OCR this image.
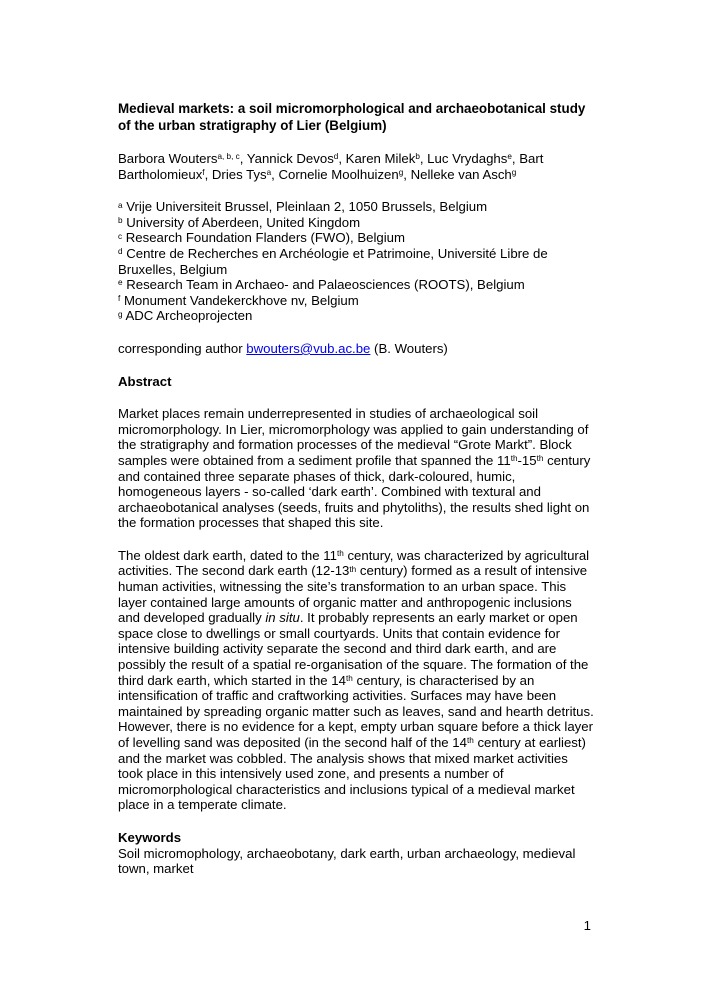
Medieval markets: a soil micromorphological and archaeobotanical study of the urban stratigraphy of Lier (Belgium)

Barbora Wouters$^{a, b, c}$, Yannick Devos$^d$, Karen Milek$^b$, Luc Vrydaghs$^e$, Bart Bartholomieux$^f$, Dries Tys$^a$, Cornelie Moolhuizen$^g$, Nelleke van Asch$^g$

$^a$ Vrije Universiteit Brussel, Pleinlaan 2, 1050 Brussels, Belgium

$^b$ University of Aberdeen, United Kingdom

$^c$ Research Foundation Flanders (FWO), Belgium

$^d$ Centre de Recherches en Archéologie et Patrimoine, Université Libre de Bruxelles, Belgium

$^e$ Research Team in Archaeo- and Palaeosciences (ROOTS), Belgium

$^f$ Monument Vandekerckhove nv, Belgium

$^g$ ADC Archeoprojecten

corresponding author bwouters@vub.ac.be (B. Wouters)

Abstract

Market places remain underrepresented in studies of archaeological soil micromorphology. In Lier, micromorphology was applied to gain understanding of the stratigraphy and formation processes of the medieval “Grote Markt”. Block samples were obtained from a sediment profile that spanned the 11th-15th century and contained three separate phases of thick, dark-coloured, humic, homogeneous layers - so-called ‘dark earth’. Combined with textural and archaeobotanical analyses (seeds, fruits and phytoliths), the results shed light on the formation processes that shaped this site.

The oldest dark earth, dated to the 11th century, was characterized by agricultural activities. The second dark earth (12-13th century) formed as a result of intensive human activities, witnessing the site’s transformation to an urban space. This layer contained large amounts of organic matter and anthropogenic inclusions and developed gradually in situ. It probably represents an early market or open space close to dwellings or small courtyards. Units that contain evidence for intensive building activity separate the second and third dark earth, and are possibly the result of a spatial re-organisation of the square. The formation of the third dark earth, which started in the 14th century, is characterised by an intensification of traffic and craftworking activities. Surfaces may have been maintained by spreading organic matter such as leaves, sand and hearth detritus. However, there is no evidence for a kept, empty urban square before a thick layer of levelling sand was deposited (in the second half of the 14th century at earliest) and the market was cobbled. The analysis shows that mixed market activities took place in this intensively used zone, and presents a number of micromorphological characteristics and inclusions typical of a medieval market place in a temperate climate.

Keywords

Soil micromophology, archaeobotany, dark earth, urban archaeology, medieval town, market

1
